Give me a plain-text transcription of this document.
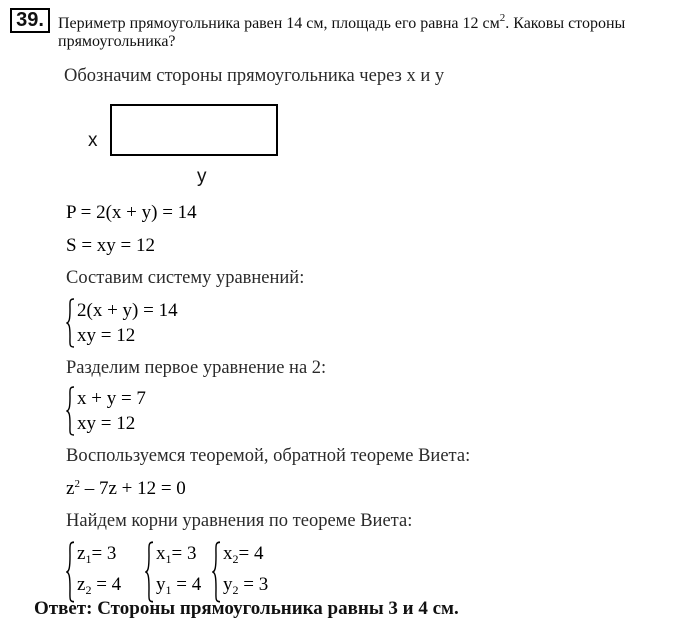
39. Периметр прямоугольника равен 14 см, площадь его равна 12 $см^2$. Каковы стороны
прямоугольника?
Обозначим стороны прямоугольника через x и y
x
y
P = 2(x + y) = 14
S = xy = 12
Составим систему уравнений:
2(x + y) = 14
xy = 12
Разделим первое уравнение на 2:
x + y = 7
xy = 12
Воспользуемся теоремой, обратной теореме Виета:
$z^2 - 7z + 12 = 0$
Найдем корни уравнения по теореме Виета:
$z_1= 3$
$z_2 = 4$
$x_1= 3$
$y_1 = 4$
$x_2= 4$
$y_2 = 3$
Ответ: Стороны прямоугольника равны 3 и 4 см.
